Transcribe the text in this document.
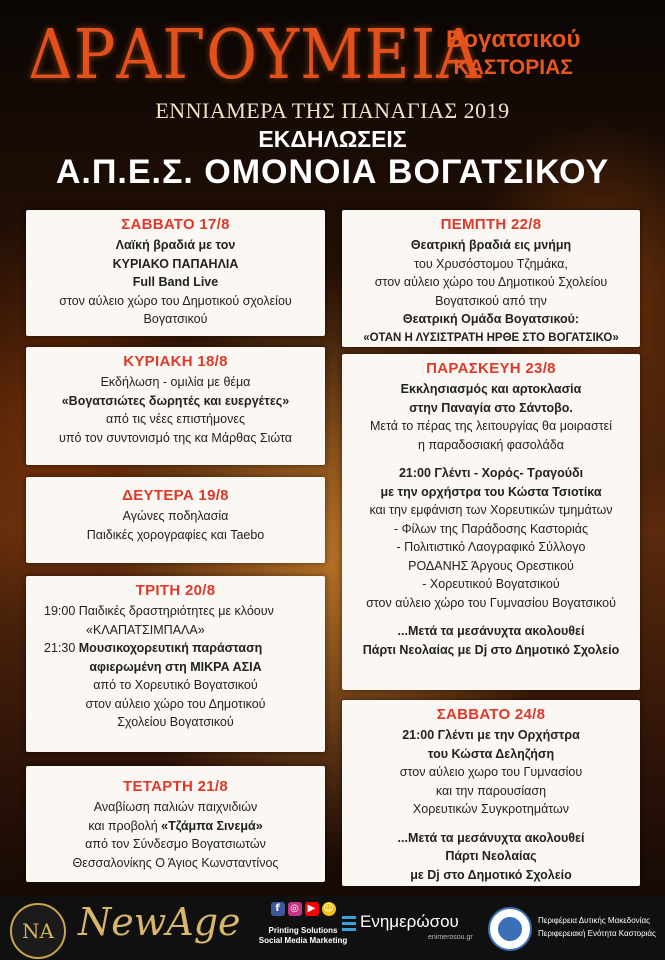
ΔΡΑΓΟΥΜΕΙΑ
Βογατσικού
ΚΑΣΤΟΡΙΑΣ
ΕΝΝΙΑΜΕΡΑ ΤΗΣ ΠΑΝΑΓΙΑΣ 2019
ΕΚΔΗΛΩΣΕΙΣ
Α.Π.Ε.Σ. ΟΜΟΝΟΙΑ ΒΟΓΑΤΣΙΚΟΥ
ΣΑΒΒΑΤΟ 17/8
Λαϊκή βραδιά με τον
ΚΥΡΙΑΚΟ ΠΑΠΑΗΛΙΑ
Full Band Live
στον αύλειο χώρο του Δημοτικού σχολείου
Βογατσικού
ΚΥΡΙΑΚΗ 18/8
Εκδήλωση - ομιλία με θέμα
«Βογατσιώτες δωρητές και ευεργέτες»
από τις νέες επιστήμονες
υπό τον συντονισμό της κα Μάρθας Σιώτα
ΔΕΥΤΕΡΑ 19/8
Αγώνες ποδηλασία
Παιδικές χορογραφίες και Taebo
ΤΡΙΤΗ 20/8
19:00 Παιδικές δραστηριότητες με κλόουν
«ΚΛΑΠΑΤΣΙΜΠΑΛΑ»
21:30 Μουσικοχορευτική παράσταση
αφιερωμένη στη ΜΙΚΡΑ ΑΣΙΑ
από το Χορευτικό Βογατσικού
στον αύλειο χώρο του Δημοτικού
Σχολείου Βογατσικού
ΤΕΤΑΡΤΗ 21/8
Αναβίωση παλιών παιχνιδιών
και προβολή «Τζάμπα Σινεμά»
από τον Σύνδεσμο Βογατσιωτών
Θεσσαλονίκης Ο Άγιος Κωνσταντίνος
ΠΕΜΠΤΗ 22/8
Θεατρική βραδιά εις μνήμη
του Χρυσόστομου Τζημάκα,
στον αύλειο χώρο του Δημοτικού Σχολείου
Βογατσικού από την
Θεατρική Ομάδα Βογατσικού:
«ΟΤΑΝ Η ΛΥΣΙΣΤΡΑΤΗ ΗΡΘΕ ΣΤΟ ΒΟΓΑΤΣΙΚΟ»
ΠΑΡΑΣΚΕΥΗ 23/8
Εκκλησιασμός και αρτοκλασία
στην Παναγία στο Σάντοβο.
Μετά το πέρας της λειτουργίας θα μοιραστεί
η παραδοσιακή φασολάδα
21:00 Γλέντι - Χορός- Τραγούδι
με την ορχήστρα του Κώστα Τσιοτίκα
και την εμφάνιση των Χορευτικών τμημάτων
- Φίλων της Παράδοσης Καστοριάς
- Πολιτιστικό Λαογραφικό Σύλλογο
ΡΟΔΑΝΗΣ Άργους Ορεστικού
- Χορευτικού Βογατσικού
στον αύλειο χώρο του Γυμνασίου Βογατσικού
...Μετά τα μεσάνυχτα ακολουθεί
Πάρτι Νεολαίας με Dj στο Δημοτικό Σχολείο
ΣΑΒΒΑΤΟ 24/8
21:00 Γλέντι με την Ορχήστρα
του Κώστα Δεληζήση
στον αύλειο χωρο του Γυμνασίου
και την παρουσίαση
Χορευτικών Συγκροτημάτων
...Μετά τα μεσάνυχτα ακολουθεί
Πάρτι Νεολαίας
με Dj στο Δημοτικό Σχολείο
NA NewAge	f	◎ ▶ ☺
Printing Solutions
Social Media Marketing
Ενημερώσου
enimerosou.gr
Περιφέρεια Δυτικής Μακεδονίας
Περιφερειακή Ενότητα Καστοριάς
